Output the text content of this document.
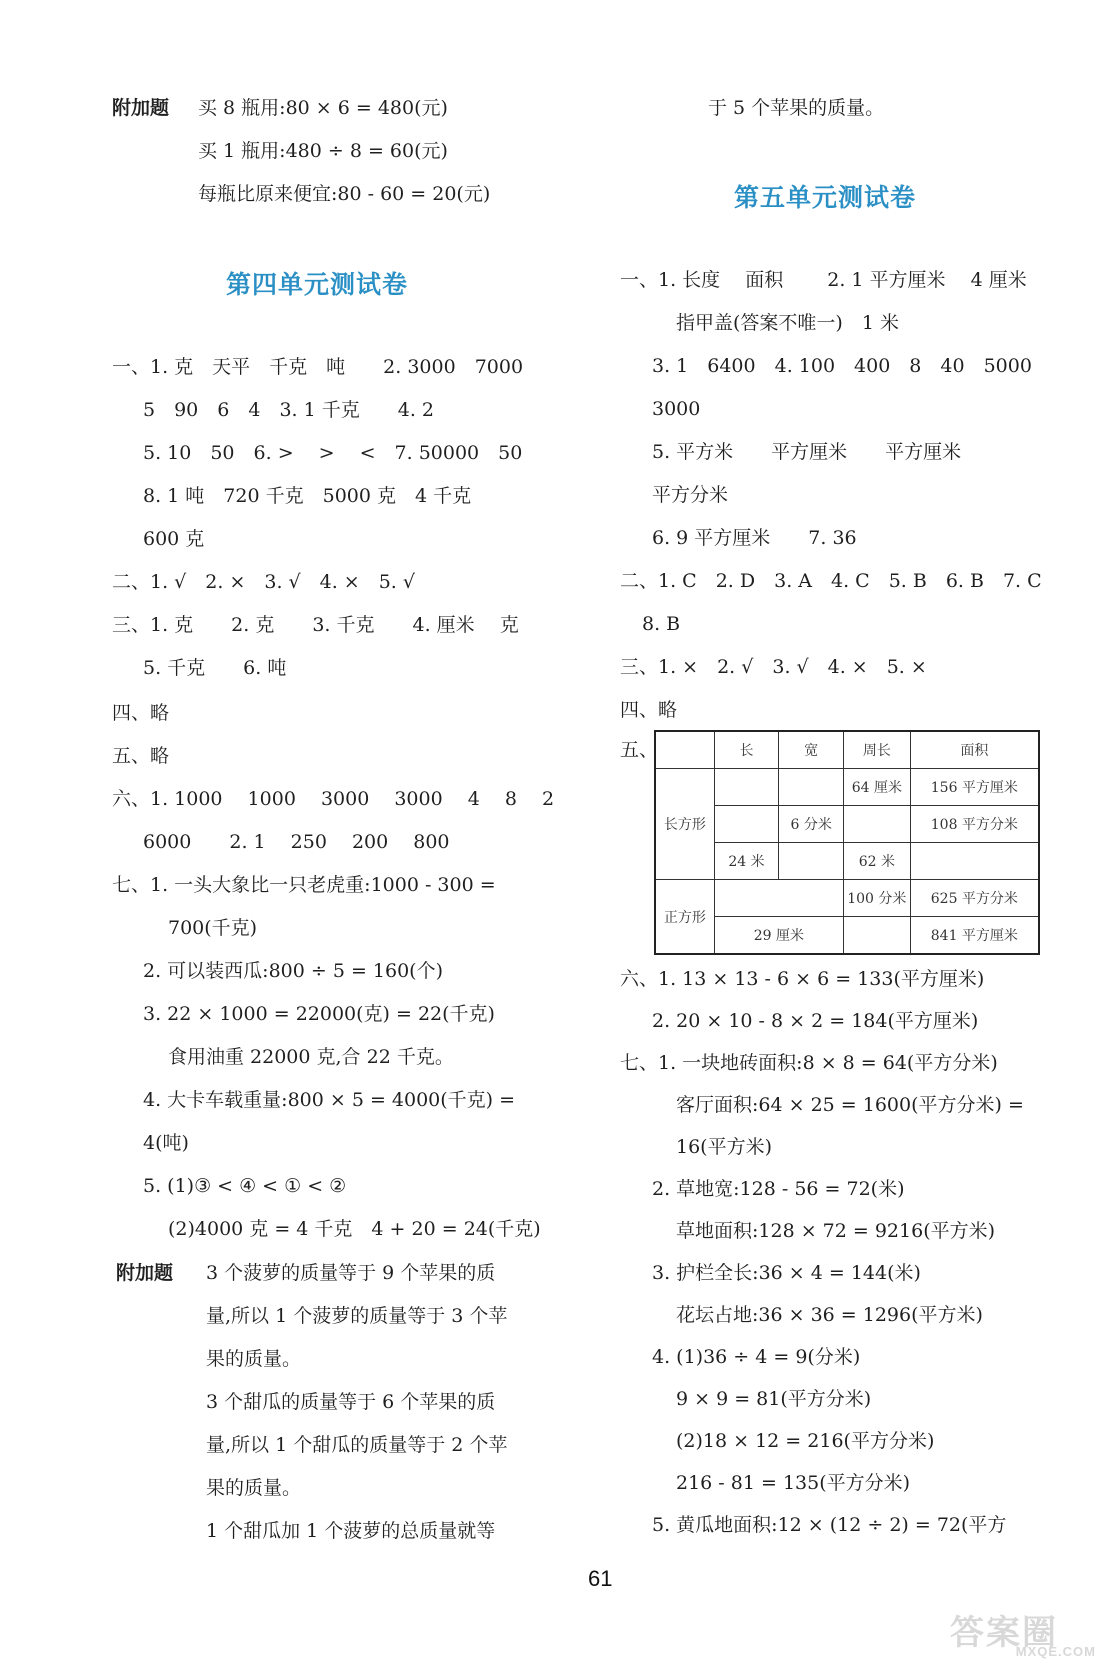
附加题 买 8 瓶用:80 × 6 = 480(元)
买 1 瓶用:480 ÷ 8 = 60(元)
每瓶比原来便宜:80 - 60 = 20(元)
第四单元测试卷
一、1. 克　天平　千克　吨　　2. 3000　7000
5　90　6　4　3. 1 千克　　4. 2
5. 10　50　6. >　 >　 <　7. 50000　50
8. 1 吨　720 千克　5000 克　4 千克
600 克
二、1. √　2. ×　3. √　4. ×　5. √
三、1. 克　　2. 克　　3. 千克　　4. 厘米　 克
5. 千克　　6. 吨
四、略
五、略
六、1. 1000　 1000　 3000　 3000　 4　 8　 2
6000　　2. 1　 250　 200　 800
七、1. 一头大象比一只老虎重:1000 - 300 =
700(千克)
2. 可以装西瓜:800 ÷ 5 = 160(个)
3. 22 × 1000 = 22000(克) = 22(千克)
食用油重 22000 克,合 22 千克。
4. 大卡车载重量:800 × 5 = 4000(千克) =
4(吨)
5. (1)③ < ④ < ① < ②
(2)4000 克 = 4 千克　4 + 20 = 24(千克)
附加题 3 个菠萝的质量等于 9 个苹果的质
量,所以 1 个菠萝的质量等于 3 个苹
果的质量。
3 个甜瓜的质量等于 6 个苹果的质
量,所以 1 个甜瓜的质量等于 2 个苹
果的质量。
1 个甜瓜加 1 个菠萝的总质量就等
于 5 个苹果的质量。
第五单元测试卷
一、1. 长度　 面积　　 2. 1 平方厘米　 4 厘米
指甲盖(答案不唯一)　1 米
3. 1　6400　4. 100　400　8　40　5000
3000
5. 平方米　　平方厘米　　平方厘米
平方分米
6. 9 平方厘米　　7. 36
二、1. C　2. D　3. A　4. C　5. B　6. B　7. C
8. B
三、1. ×　2. √　3. √　4. ×　5. ×
四、略
五、
		长	宽	周长	面积
长方形			64 厘米	156 平方厘米
		6 分米		108 平方分米
	24 米		62 米	
正方形			100 分米	625 平方分米
	29 厘米			841 平方厘米
六、1. 13 × 13 - 6 × 6 = 133(平方厘米)
2. 20 × 10 - 8 × 2 = 184(平方厘米)
七、1. 一块地砖面积:8 × 8 = 64(平方分米)
客厅面积:64 × 25 = 1600(平方分米) =
16(平方米)
2. 草地宽:128 - 56 = 72(米)
草地面积:128 × 72 = 9216(平方米)
3. 护栏全长:36 × 4 = 144(米)
花坛占地:36 × 36 = 1296(平方米)
4. (1)36 ÷ 4 = 9(分米)
9 × 9 = 81(平方分米)
(2)18 × 12 = 216(平方分米)
216 - 81 = 135(平方分米)
5. 黄瓜地面积:12 × (12 ÷ 2) = 72(平方
61
答案圈
MXQE.COM
